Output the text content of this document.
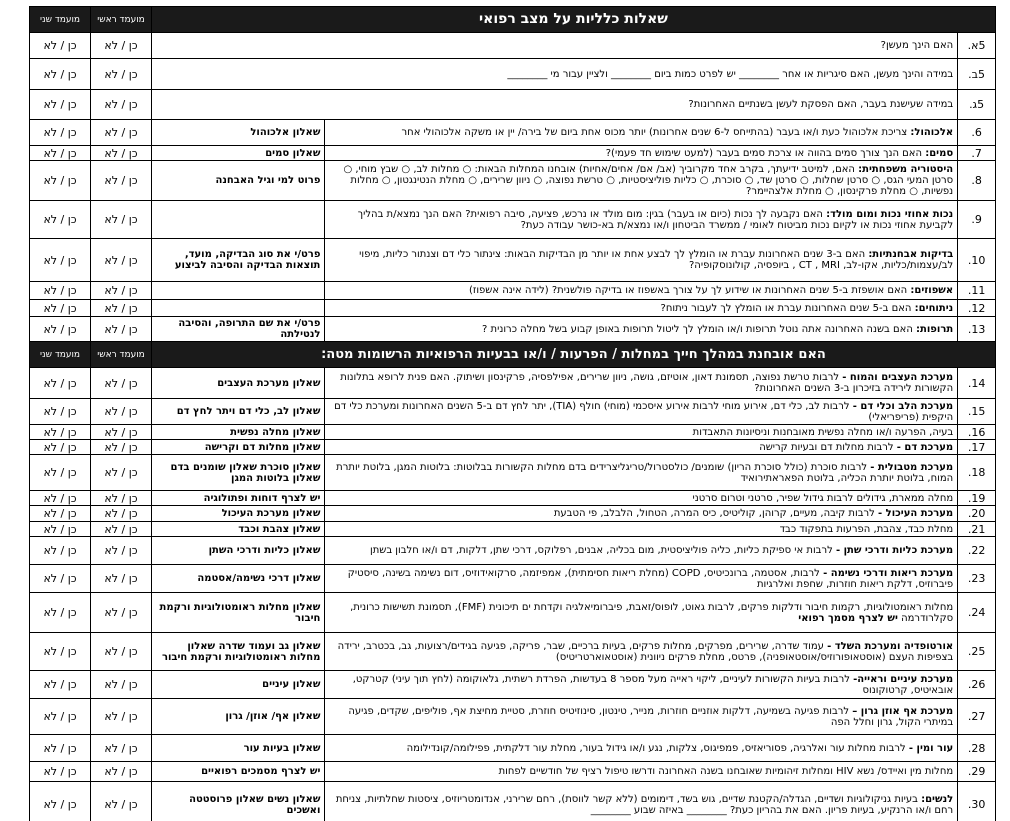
שאלות כלליות על מצב רפואי			מועמד ראשי	מועמד שני
5א.	האם הינך מעשן?		כן / לא	כן / לא
5ב.	במידה והינך מעשן, האם סיגריות או אחר ________ יש לפרט כמות ביום ________ ולציין עבור מי ________		כן / לא	כן / לא
5ג.	במידה שעישנת בעבר, האם הפסקת לעשן בשנתיים האחרונות?		כן / לא	כן / לא
6.	אלכוהול: צריכת אלכוהול כעת ו/או בעבר (בהתייחס ל-6 שנים אחרונות) יותר מכוס אחת ביום של בירה/ יין או משקה אלכוהולי אחר	שאלון אלכוהול	כן / לא	כן / לא
7.	סמים: האם הנך צורך סמים בהווה או צרכת סמים בעבר (למעט שימוש חד פעמי)?	שאלון סמים	כן / לא	כן / לא
8.	היסטוריה משפחתית: האם, למיטב ידיעתך, בקרב אחד מקרוביך (אב/ אם/ אחים/אחיות) אובחנו המחלות הבאות: ○ מחלות לב, ○ שבץ מוחי, ○ סרטן המעי הגס, ○ סרטן שחלות, ○ סרטן שד, ○ סוכרת, ○ כליות פוליציסטיות, ○ טרשת נפוצה, ○ ניוון שרירים, ○ מחלת הנטינגטון, ○ מחלות נפשיות, ○ מחלת פרקינסון, ○ מחלת אלצהיימר?	פרוט למי וגיל האבחנה	כן / לא	כן / לא
9.	נכות אחוזי נכות ומום מולד: האם נקבעה לך נכות (כיום או בעבר) בגין: מום מולד או נרכש, פציעה, סיבה רפואית? האם הנך נמצא/ת בהליך לקביעת אחוזי נכות או לקיום נכות מביטוח לאומי / ממשרד הביטחון ו/או נמצא/ת בא-כושר עבודה כעת?		כן / לא	כן / לא
10.	בדיקות אבחנתיות: האם ב-3 שנים האחרונות עברת או הומלץ לך לבצע אחת או יותר מן הבדיקות הבאות: צינתור כלי דם וצנתור כליות, מיפוי לב/עצמות/כליות, אקו-לב, CT , MRI , ביופסיה, קולונוסקופיה?	פרט/י את סוג הבדיקה, מועד, תוצאות הבדיקה והסיבה לביצוע	כן / לא	כן / לא
11.	אשפוזים: האם אושפזת ב-5 שנים האחרונות או שידוע לך על צורך באשפוז או בדיקה פולשנית? (לידה אינה אשפוז)		כן / לא	כן / לא
12.	ניתוחים: האם ב-5 שנים האחרונות עברת או הומלץ לך לעבור ניתוח?		כן / לא	כן / לא
13.	תרופות: האם בשנה האחרונה אתה נוטל תרופות ו/או הומלץ לך ליטול תרופות באופן קבוע בשל מחלה כרונית ?	פרט/י את שם התרופה, והסיבה לנטילתה	כן / לא	כן / לא
האם אובחנת במהלך חייך במחלות / הפרעות / ו/או בבעיות הרפואיות הרשומות מטה:			מועמד ראשי	מועמד שני
14.	מערכת העצבים והמוח - לרבות טרשת נפוצה, תסמונת דאון, אוטיזם, גושה, ניוון שרירים, אפילפסיה, פרקינסון ושיתוק. האם פנית לרופא בתלונות הקשורות לירידה בזיכרון ב-3 השנים האחרונות?	שאלון מערכת העצבים	כן / לא	כן / לא
15.	מערכת הלב וכלי דם - לרבות לב, כלי דם, אירוע מוחי לרבות אירוע איסכמי (מוחי) חולף (TIA), יתר לחץ דם ב-5 השנים האחרונות ומערכת כלי דם היקפית (פריפריאלי)	שאלון לב, כלי דם ויתר לחץ דם	כן / לא	כן / לא
16.	בעיה, הפרעה ו/או מחלה נפשית מאובחנות וניסיונות התאבדות	שאלון מחלה נפשית	כן / לא	כן / לא
17.	מערכת דם - לרבות מחלות דם ובעיות קרישה	שאלון מחלות דם וקרישה	כן / לא	כן / לא
18.	מערכת מטבולית - לרבות סוכרת (כולל סוכרת הריון) שומנים/ כולסטרול/טריגליצרידים בדם מחלות הקשורות בבלוטות: בלוטות המגן, בלוטת יותרת המוח, בלוטת יותרת הכליה, בלוטת הפאראתירואיד	שאלון סוכרת שאלון שומנים בדם שאלון בלוטות המגן	כן / לא	כן / לא
19.	מחלה ממארת, גידולים לרבות גידול שפיר, סרטני וטרום סרטני	יש לצרף דוחות ופתולוגיה	כן / לא	כן / לא
20.	מערכת העיכול - לרבות קיבה, מעיים, קרוהן, קוליטיס, כיס המרה, הטחול, הלבלב, פי הטבעת	שאלון מערכת העיכול	כן / לא	כן / לא
21.	מחלת כבד, צהבת, הפרעות בתפקוד כבד	שאלון צהבת וכבד	כן / לא	כן / לא
22.	מערכת כליות ודרכי שתן - לרבות אי ספיקת כליות, כליה פוליציסטית, מום בכליה, אבנים, רפלוקס, דרכי שתן, דלקות, דם ו/או חלבון בשתן	שאלון כליות ודרכי השתן	כן / לא	כן / לא
23.	מערכת ריאות ודרכי נשימה - לרבות, אסטמה, ברונכיטיס, COPD (מחלת ריאות חסימתית), אמפיזמה, סרקואידוזיס, דום נשימה בשינה, סיסטיק פיברוזיס, דלקת ריאות חוזרות, שחפת ואלרגיות	שאלון דרכי נשימה/אסטמה	כן / לא	כן / לא
24.	מחלות ראומטולוגיות, רקמות חיבור ודלקות פרקים, לרבות גאוט, לופוס/זאבת, פיברומיאלגיה וקדחת ים תיכונית (FMF), תסמונת תשישות כרונית, סקלרודרמה יש לצרף מסמך רפואי	שאלון מחלות ראומטולוגיות ורקמת חיבור	כן / לא	כן / לא
25.	אורטופדיה ומערכת השלד - עמוד שדרה, שרירים, מפרקים, מחלות פרקים, בעיות ברכיים, שבר, פריקה, פגיעה בגידים/רצועות, גב, בכטרב, ירידה בצפיפות העצם (אוסטאופורוזיס/אוסטאופניה), פרטס, מחלת פרקים ניוונית (אוסטאוארטריטיס)	שאלון גב ועמוד שדרה שאלון מחלות ראומטולוגיות ורקמת חיבור	כן / לא	כן / לא
26.	מערכת עיניים וראייה- לרבות בעיות הקשורות לעיניים, ליקוי ראייה מעל מספר 8 בעדשות, הפרדת רשתית, גלאוקומה (לחץ תוך עיני) קטרקט, אובאיטיס, קרטוקונוס	שאלון עיניים	כן / לא	כן / לא
27.	מערכת אף אוזן גרון – לרבות פגיעה בשמיעה, דלקות אוזניים חוזרות, מנייר, טינטון, סינוזיטיס חוזרת, סטיית מחיצת אף, פוליפים, שקדים, פגיעה במיתרי הקול, גרון וחלל הפה	שאלון אף/ אוזן/ גרון	כן / לא	כן / לא
28.	עור ומין - לרבות מחלות עור ואלרגיה, פסוריאזיס, פמפיגוס, צלקות, נגע ו/או גידול בעור, מחלת עור דלקתית, פפילומה/קונדילומה	שאלון בעיות עור	כן / לא	כן / לא
29.	מחלות מין ואיידס/ נשא HIV ומחלות זיהומיות שאובחנו בשנה האחרונה ודרשו טיפול רציף של חודשיים לפחות	יש לצרף מסמכים רפואיים	כן / לא	כן / לא
30.	לנשים: בעיות גניקולוגיות ושדיים, הגדלה/הקטנת שדיים, גוש בשד, דימומים (ללא קשר לווסת), רחם שרירני, אנדומטריוזיס, ציסטות שחלתיות, צניחת רחם ו/או הרנקיע, בעיות פריון. האם את בהריון כעת? ________ באיזה שבוע ________	שאלון נשים שאלון פרוסטטה ואשכים	כן / לא	כן / לא
